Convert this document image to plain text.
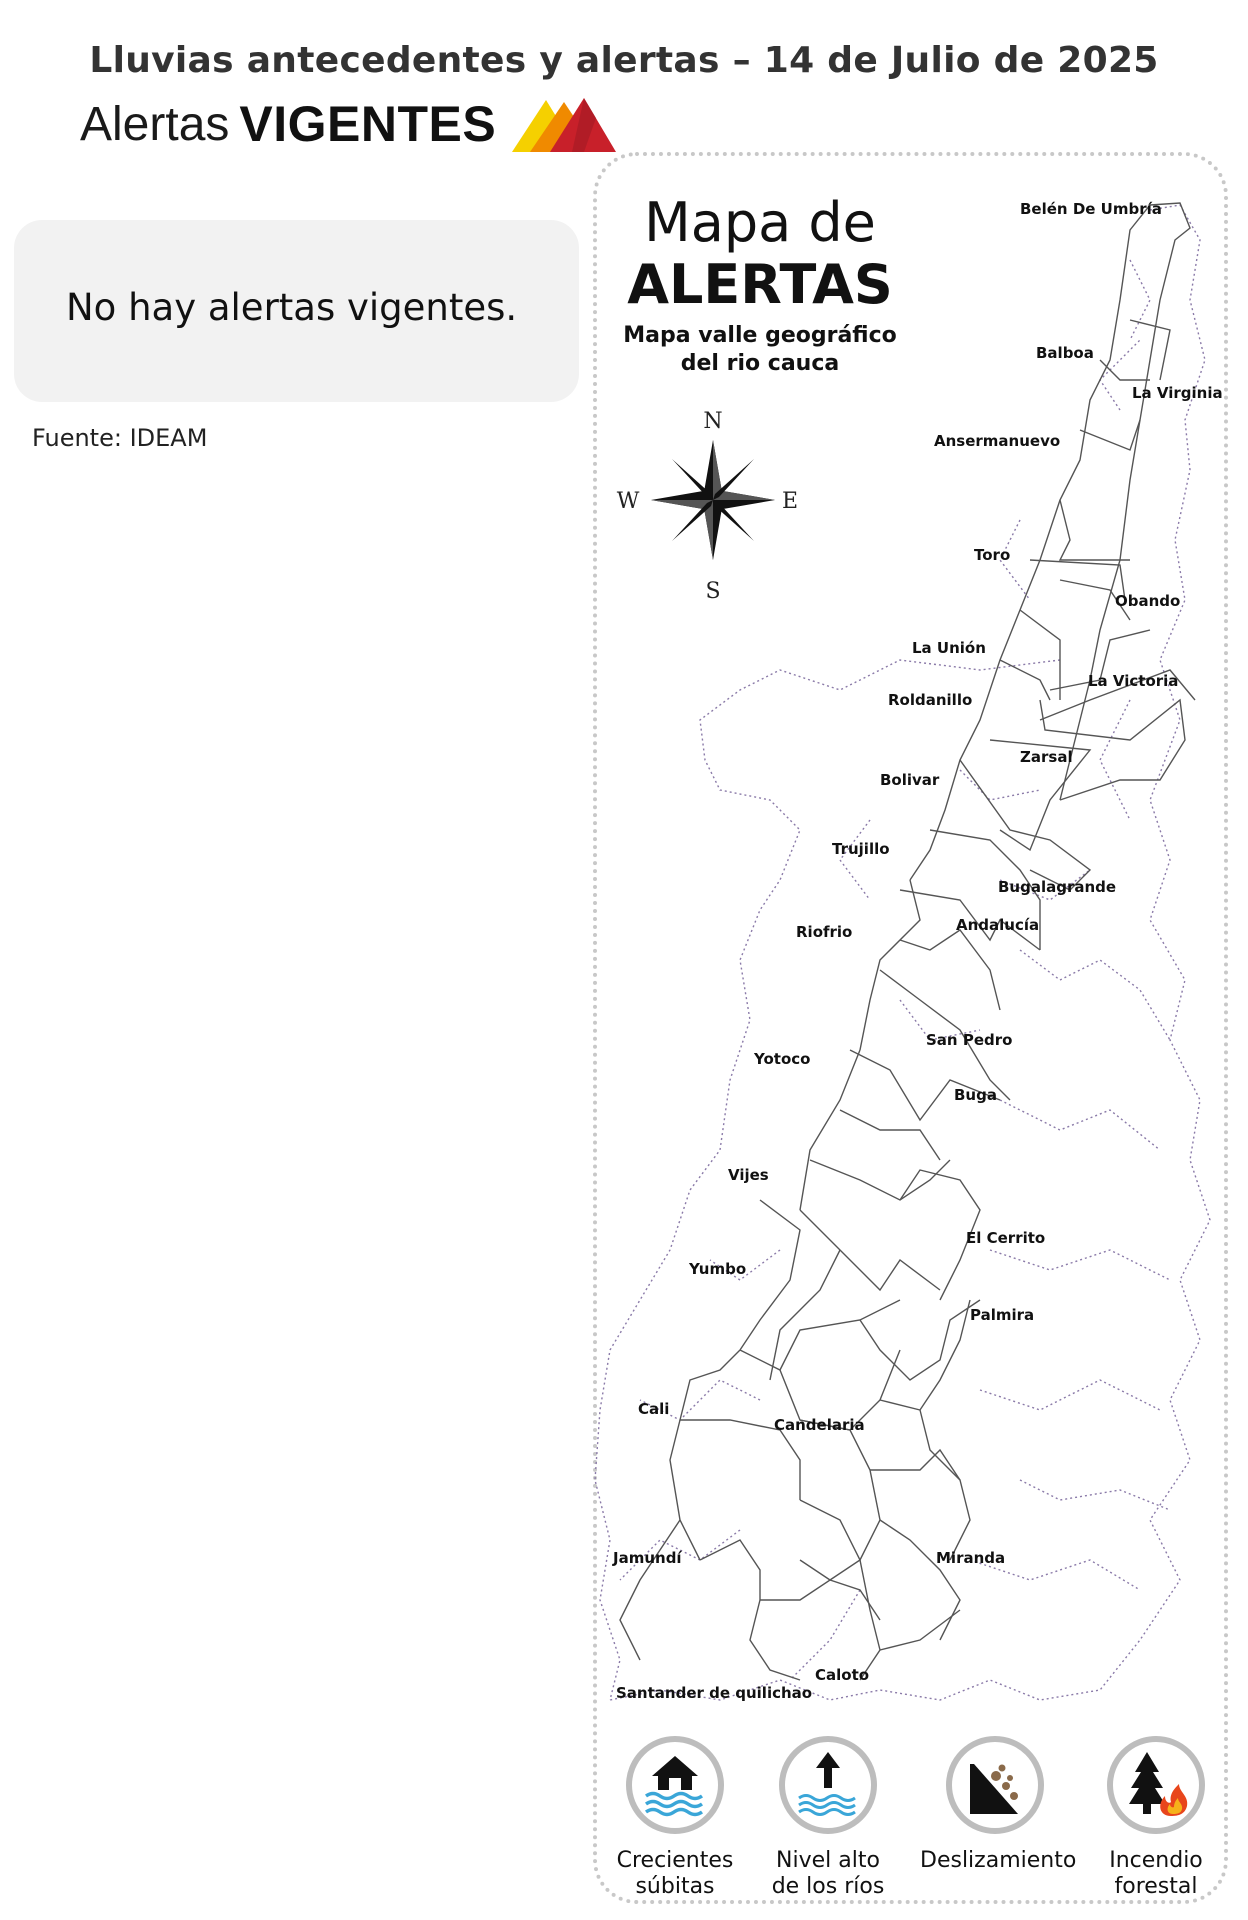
Lluvias antecedentes y alertas – 14 de Julio de 2025
Alertas VIGENTES
No hay alertas vigentes.
Fuente: IDEAM
N
S
E
W
Belén De Umbría
Balboa
La Virginia
Ansermanuevo
Toro
Obando
La Unión
La Victoria
Roldanillo
Zarsal
Bolivar
Trujillo
Bugalagrande
Andalucía
Riofrio
San Pedro
Yotoco
Buga
Vijes
El Cerrito
Yumbo
Palmira
Cali
Candelaria
Jamundí	Miranda
Caloto
Santander de quilichao
Mapa de
ALERTAS
Mapa valle geográfico
del rio cauca
Crecientes
súbitas
Nivel alto
de los ríos
Deslizamiento	Incendio
forestal
